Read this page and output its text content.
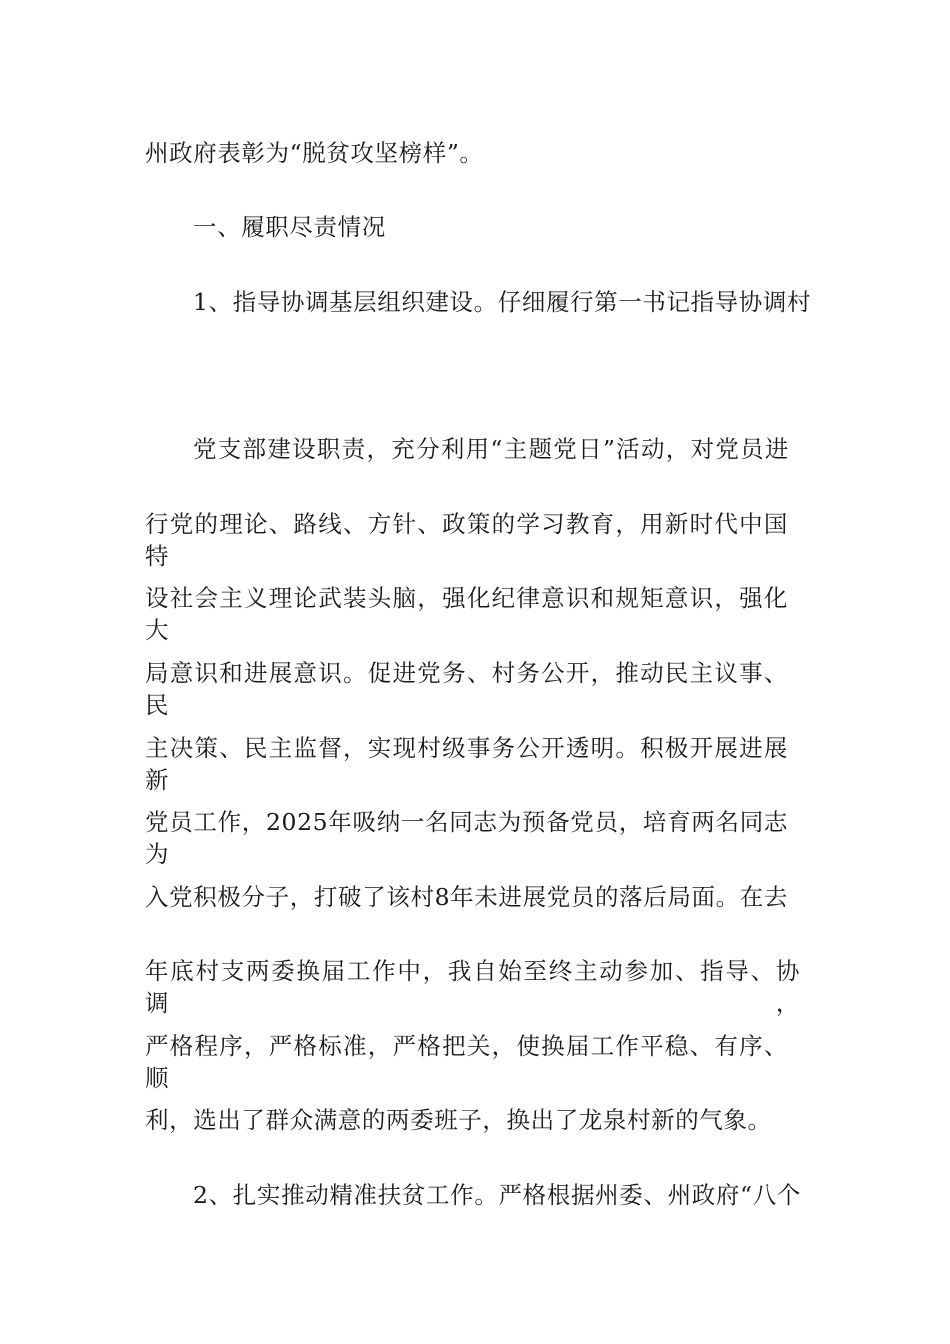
州政府表彰为“脱贫攻坚榜样”。
一、履职尽责情况
1、指导协调基层组织建设。仔细履行第一书记指导协调村
党支部建设职责，充分利用“主题党日”活动，对党员进
行党的理论、路线、方针、政策的学习教育，用新时代中国特
设社会主义理论武装头脑，强化纪律意识和规矩意识，强化大
局意识和进展意识。促进党务、村务公开，推动民主议事、民
主决策、民主监督，实现村级事务公开透明。积极开展进展新
党员工作，2025年吸纳一名同志为预备党员，培育两名同志为
入党积极分子，打破了该村8年未进展党员的落后局面。在去
年底村支两委换届工作中，我自始至终主动参加、指导、协调，
严格程序，严格标准，严格把关，使换届工作平稳、有序、顺
利，选出了群众满意的两委班子，换出了龙泉村新的气象。
2、扎实推动精准扶贫工作。严格根据州委、州政府“八个
